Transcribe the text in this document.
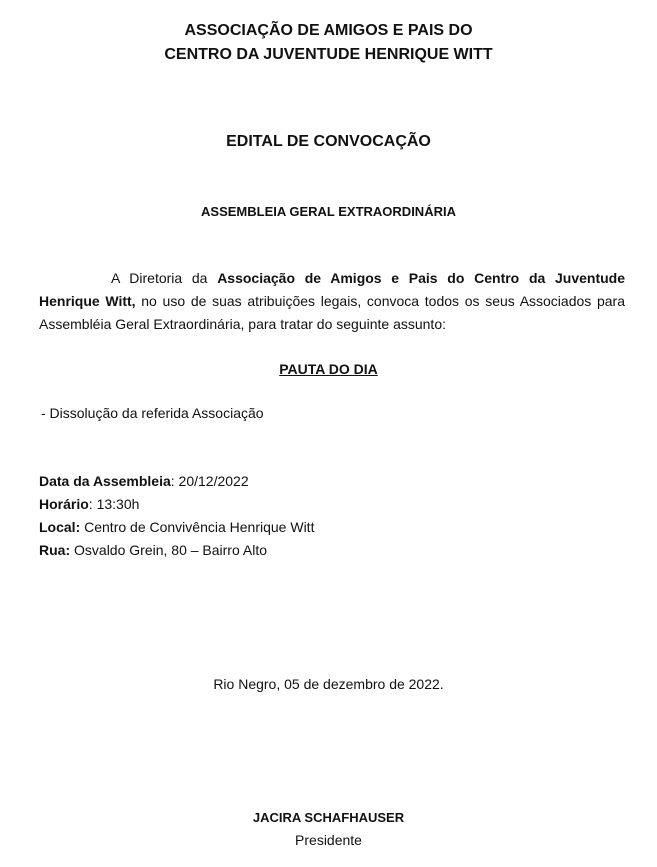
ASSOCIAÇÃO DE AMIGOS E PAIS DO
CENTRO DA JUVENTUDE HENRIQUE WITT
EDITAL DE CONVOCAÇÃO
ASSEMBLEIA GERAL EXTRAORDINÁRIA
A Diretoria da Associação de Amigos e Pais do Centro da Juventude Henrique Witt, no uso de suas atribuições legais, convoca todos os seus Associados para Assembléia Geral Extraordinária, para tratar do seguinte assunto:
PAUTA DO DIA
- Dissolução da referida Associação
Data da Assembleia: 20/12/2022
Horário: 13:30h
Local: Centro de Convivência Henrique Witt
Rua: Osvaldo Grein, 80 – Bairro Alto
Rio Negro, 05 de dezembro de 2022.
JACIRA SCHAFHAUSER
Presidente
